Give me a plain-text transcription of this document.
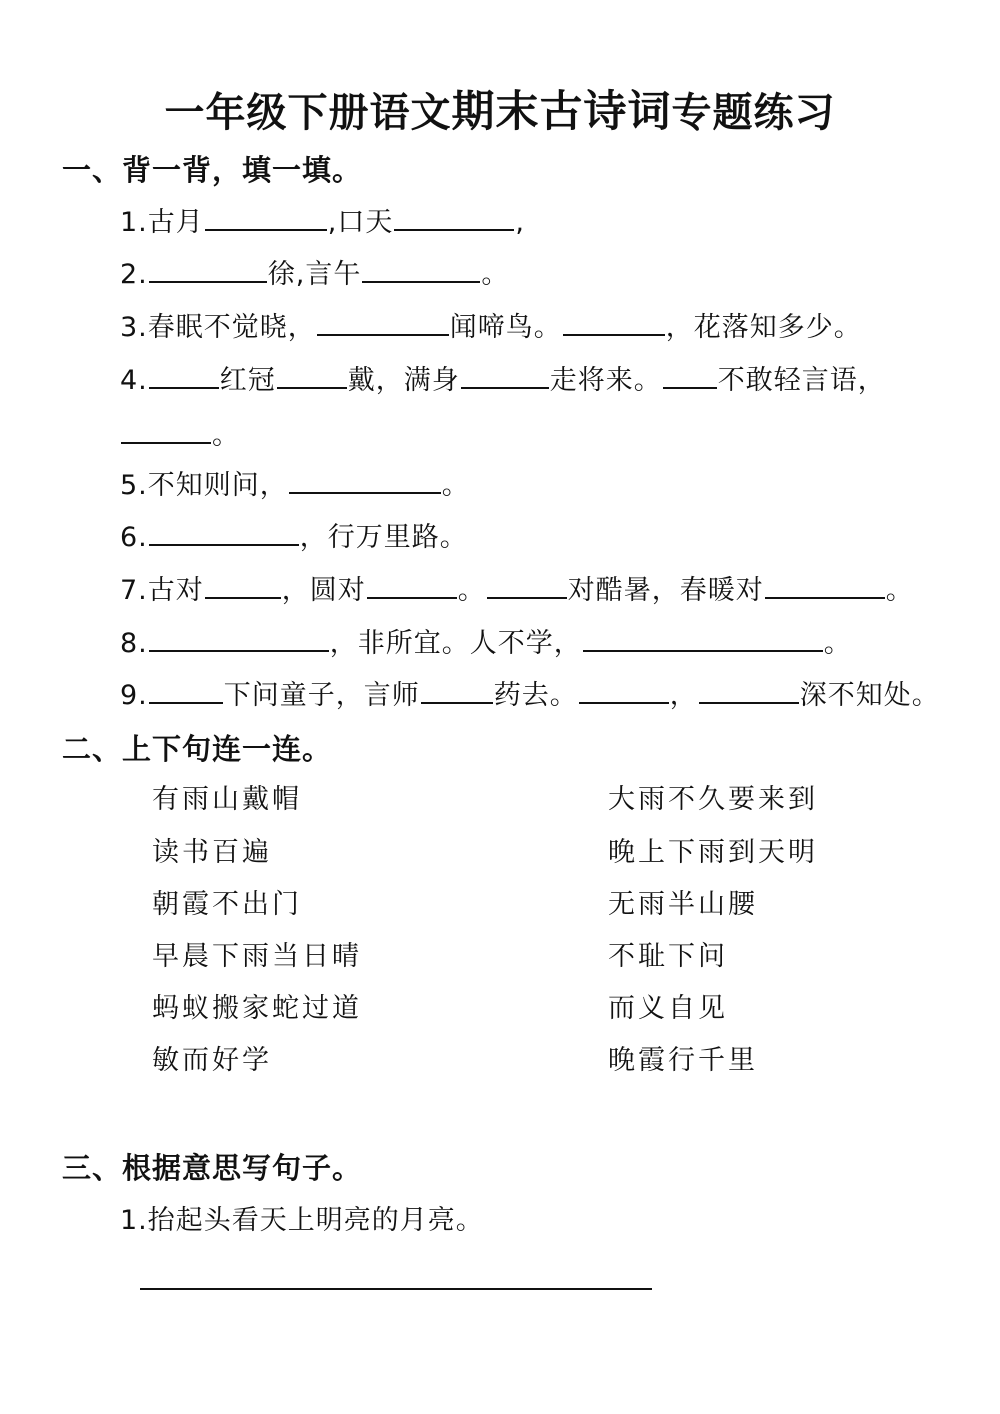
一年级下册语文期末古诗词专题练习
一、背一背，填一填。
1.古月	,口天	,
2.	徐,言午	。
3.春眠不觉晓，	闻啼鸟。	，花落知多少。
4.	红冠	戴，满身	走将来。 不敢轻言语，
。
5.不知则问，	。
6.	，行万里路。
7.古对	，圆对	。	对酷暑，春暖对	。
8.	，非所宜。人不学，	。
9.	下问童子，言师	药去。	，	深不知处。
二、上下句连一连。
有雨山戴帽
读书百遍
朝霞不出门
早晨下雨当日晴
蚂蚁搬家蛇过道
敏而好学
大雨不久要来到
晚上下雨到天明
无雨半山腰
不耻下问
而义自见
晚霞行千里
三、根据意思写句子。
1.抬起头看天上明亮的月亮。
